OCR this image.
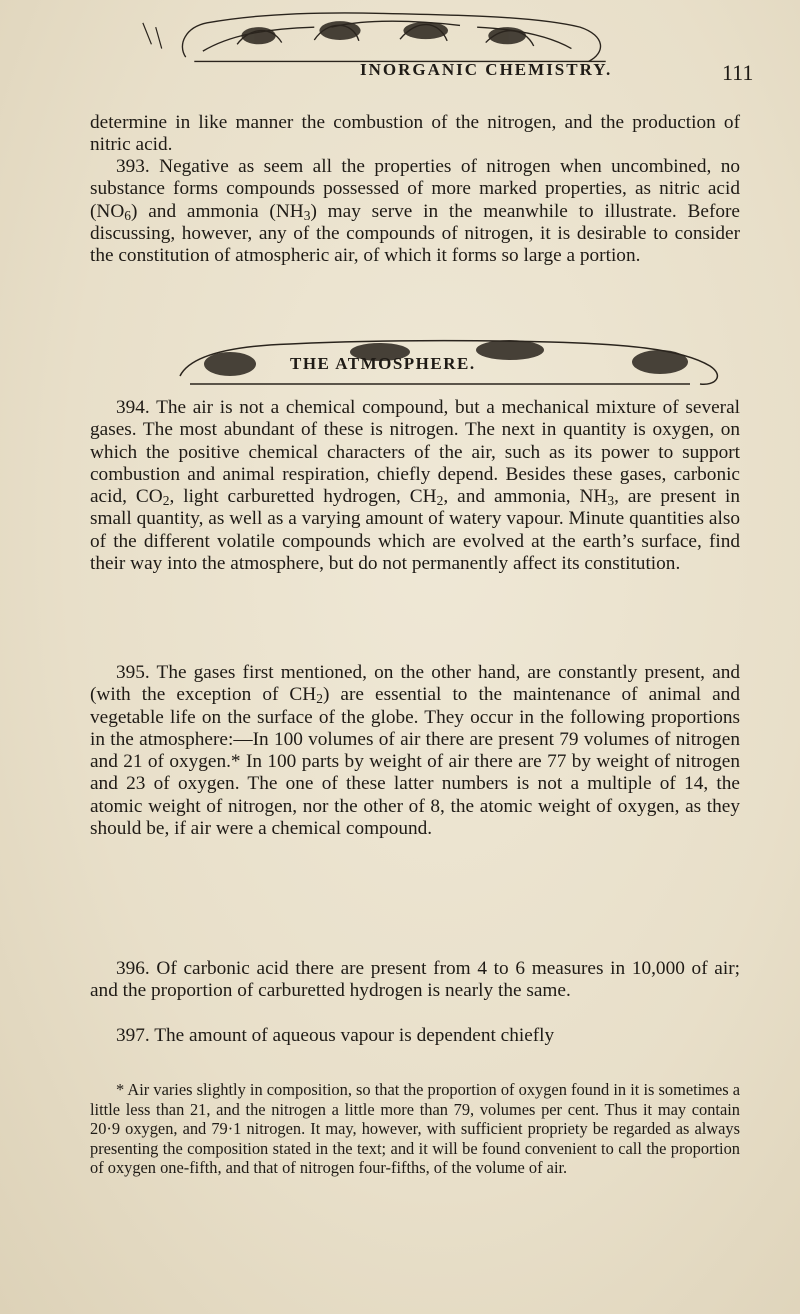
INORGANIC CHEMISTRY.	111

determine in like manner the combustion of the nitrogen, and the production of nitric acid.

393. Negative as seem all the properties of nitrogen when uncombined, no substance forms compounds possessed of more marked properties, as nitric acid $(NO_6)$ and ammonia $(NH_3)$ may serve in the meanwhile to illustrate. Before discussing, however, any of the compounds of nitrogen, it is desirable to consider the constitution of atmospheric air, of which it forms so large a portion.

THE ATMOSPHERE.

394. The air is not a chemical compound, but a mechanical mixture of several gases. The most abundant of these is nitrogen. The next in quantity is oxygen, on which the positive chemical characters of the air, such as its power to support combustion and animal respiration, chiefly depend. Besides these gases, carbonic acid, $CO_2$, light carburetted hydrogen, $CH_2$, and ammonia, $NH_3$, are present in small quantity, as well as a varying amount of watery vapour. Minute quantities also of the different volatile compounds which are evolved at the earth’s surface, find their way into the atmosphere, but do not permanently affect its constitution.

395. The gases first mentioned, on the other hand, are constantly present, and (with the exception of $CH_2$) are essential to the maintenance of animal and vegetable life on the surface of the globe. They occur in the following proportions in the atmosphere:—In 100 volumes of air there are present 79 volumes of nitrogen and 21 of oxygen.* In 100 parts by weight of air there are 77 by weight of nitrogen and 23 of oxygen. The one of these latter numbers is not a multiple of 14, the atomic weight of nitrogen, nor the other of 8, the atomic weight of oxygen, as they should be, if air were a chemical compound.

396. Of carbonic acid there are present from 4 to 6 measures in 10,000 of air; and the proportion of carburetted hydrogen is nearly the same.

397. The amount of aqueous vapour is dependent chiefly

* Air varies slightly in composition, so that the proportion of oxygen found in it is sometimes a little less than 21, and the nitrogen a little more than 79, volumes per cent. Thus it may contain 20·9 oxygen, and 79·1 nitrogen. It may, however, with sufficient propriety be regarded as always presenting the composition stated in the text; and it will be found convenient to call the proportion of oxygen one-fifth, and that of nitrogen four-fifths, of the volume of air.
